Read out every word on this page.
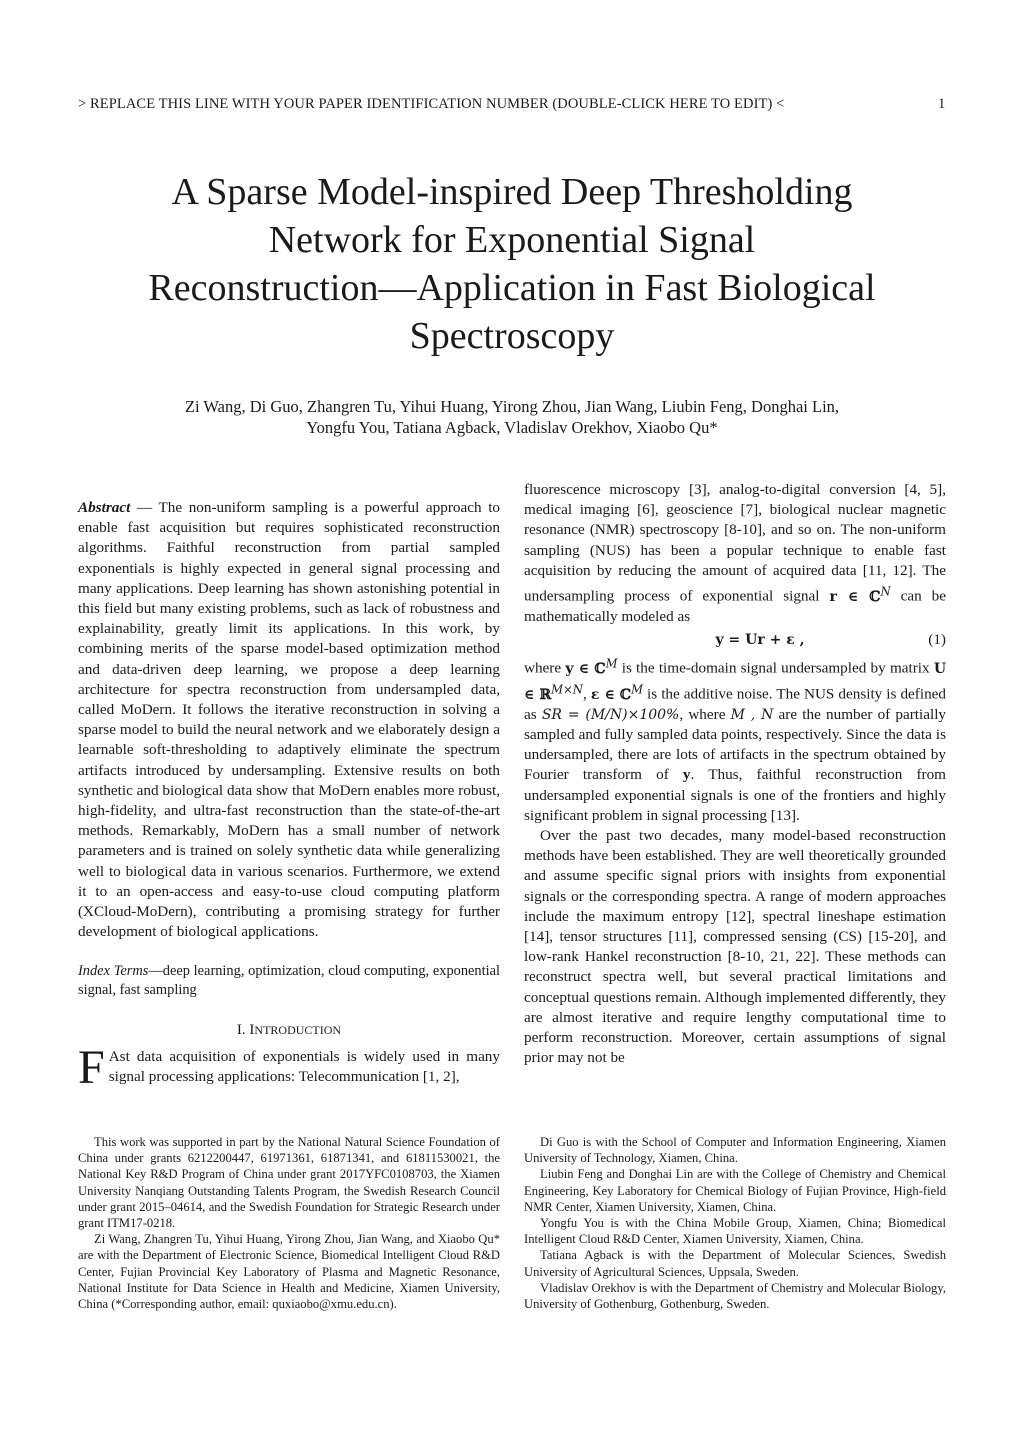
> REPLACE THIS LINE WITH YOUR PAPER IDENTIFICATION NUMBER (DOUBLE-CLICK HERE TO EDIT) <	1
A Sparse Model-inspired Deep Thresholding
Network for Exponential Signal
Reconstruction—Application in Fast Biological
Spectroscopy
Zi Wang, Di Guo, Zhangren Tu, Yihui Huang, Yirong Zhou, Jian Wang, Liubin Feng, Donghai Lin,
Yongfu You, Tatiana Agback, Vladislav Orekhov, Xiaobo Qu*

Abstract — The non-uniform sampling is a powerful approach to enable fast acquisition but requires sophisticated reconstruction algorithms. Faithful reconstruction from partial sampled exponentials is highly expected in general signal processing and many applications. Deep learning has shown astonishing potential in this field but many existing problems, such as lack of robustness and explainability, greatly limit its applications. In this work, by combining merits of the sparse model-based optimization method and data-driven deep learning, we propose a deep learning architecture for spectra reconstruction from undersampled data, called MoDern. It follows the iterative reconstruction in solving a sparse model to build the neural network and we elaborately design a learnable soft-thresholding to adaptively eliminate the spectrum artifacts introduced by undersampling. Extensive results on both synthetic and biological data show that MoDern enables more robust, high-fidelity, and ultra-fast reconstruction than the state-of-the-art methods. Remarkably, MoDern has a small number of network parameters and is trained on solely synthetic data while generalizing well to biological data in various scenarios. Furthermore, we extend it to an open-access and easy-to-use cloud computing platform (XCloud-MoDern), contributing a promising strategy for further development of biological applications.

Index Terms—deep learning, optimization, cloud computing, exponential signal, fast sampling

I. INTRODUCTION

F Ast data acquisition of exponentials is widely used in many signal processing applications: Telecommunication [1, 2],

fluorescence microscopy [3], analog-to-digital conversion [4, 5], medical imaging [6], geoscience [7], biological nuclear magnetic resonance (NMR) spectroscopy [8-10], and so on. The non-uniform sampling (NUS) has been a popular technique to enable fast acquisition by reducing the amount of acquired data [11, 12]. The undersampling process of exponential signal r ∈ ℂ$^N$ can be mathematically modeled as

y = Ur + ε ,	(1)

where y ∈ ℂ$^M$ is the time-domain signal undersampled by matrix U ∈ ℝ$^{M\times N}$, ε ∈ ℂ$^M$ is the additive noise. The NUS density is defined as SR = (M/N)×100%, where M , N are the number of partially sampled and fully sampled data points, respectively. Since the data is undersampled, there are lots of artifacts in the spectrum obtained by Fourier transform of y. Thus, faithful reconstruction from undersampled exponential signals is one of the frontiers and highly significant problem in signal processing [13].

Over the past two decades, many model-based reconstruction methods have been established. They are well theoretically grounded and assume specific signal priors with insights from exponential signals or the corresponding spectra. A range of modern approaches include the maximum entropy [12], spectral lineshape estimation [14], tensor structures [11], compressed sensing (CS) [15-20], and low-rank Hankel reconstruction [8-10, 21, 22]. These methods can reconstruct spectra well, but several practical limitations and conceptual questions remain. Although implemented differently, they are almost iterative and require lengthy computational time to perform reconstruction. Moreover, certain assumptions of signal prior may not be

This work was supported in part by the National Natural Science Foundation of China under grants 6212200447, 61971361, 61871341, and 61811530021, the National Key R&D Program of China under grant 2017YFC0108703, the Xiamen University Nanqiang Outstanding Talents Program, the Swedish Research Council under grant 2015–04614, and the Swedish Foundation for Strategic Research under grant ITM17-0218.

Zi Wang, Zhangren Tu, Yihui Huang, Yirong Zhou, Jian Wang, and Xiaobo Qu* are with the Department of Electronic Science, Biomedical Intelligent Cloud R&D Center, Fujian Provincial Key Laboratory of Plasma and Magnetic Resonance, National Institute for Data Science in Health and Medicine, Xiamen University, China (*Corresponding author, email: quxiaobo@xmu.edu.cn).

Di Guo is with the School of Computer and Information Engineering, Xiamen University of Technology, Xiamen, China.

Liubin Feng and Donghai Lin are with the College of Chemistry and Chemical Engineering, Key Laboratory for Chemical Biology of Fujian Province, High-field NMR Center, Xiamen University, Xiamen, China.

Yongfu You is with the China Mobile Group, Xiamen, China; Biomedical Intelligent Cloud R&D Center, Xiamen University, Xiamen, China.

Tatiana Agback is with the Department of Molecular Sciences, Swedish University of Agricultural Sciences, Uppsala, Sweden.

Vladislav Orekhov is with the Department of Chemistry and Molecular Biology, University of Gothenburg, Gothenburg, Sweden.
